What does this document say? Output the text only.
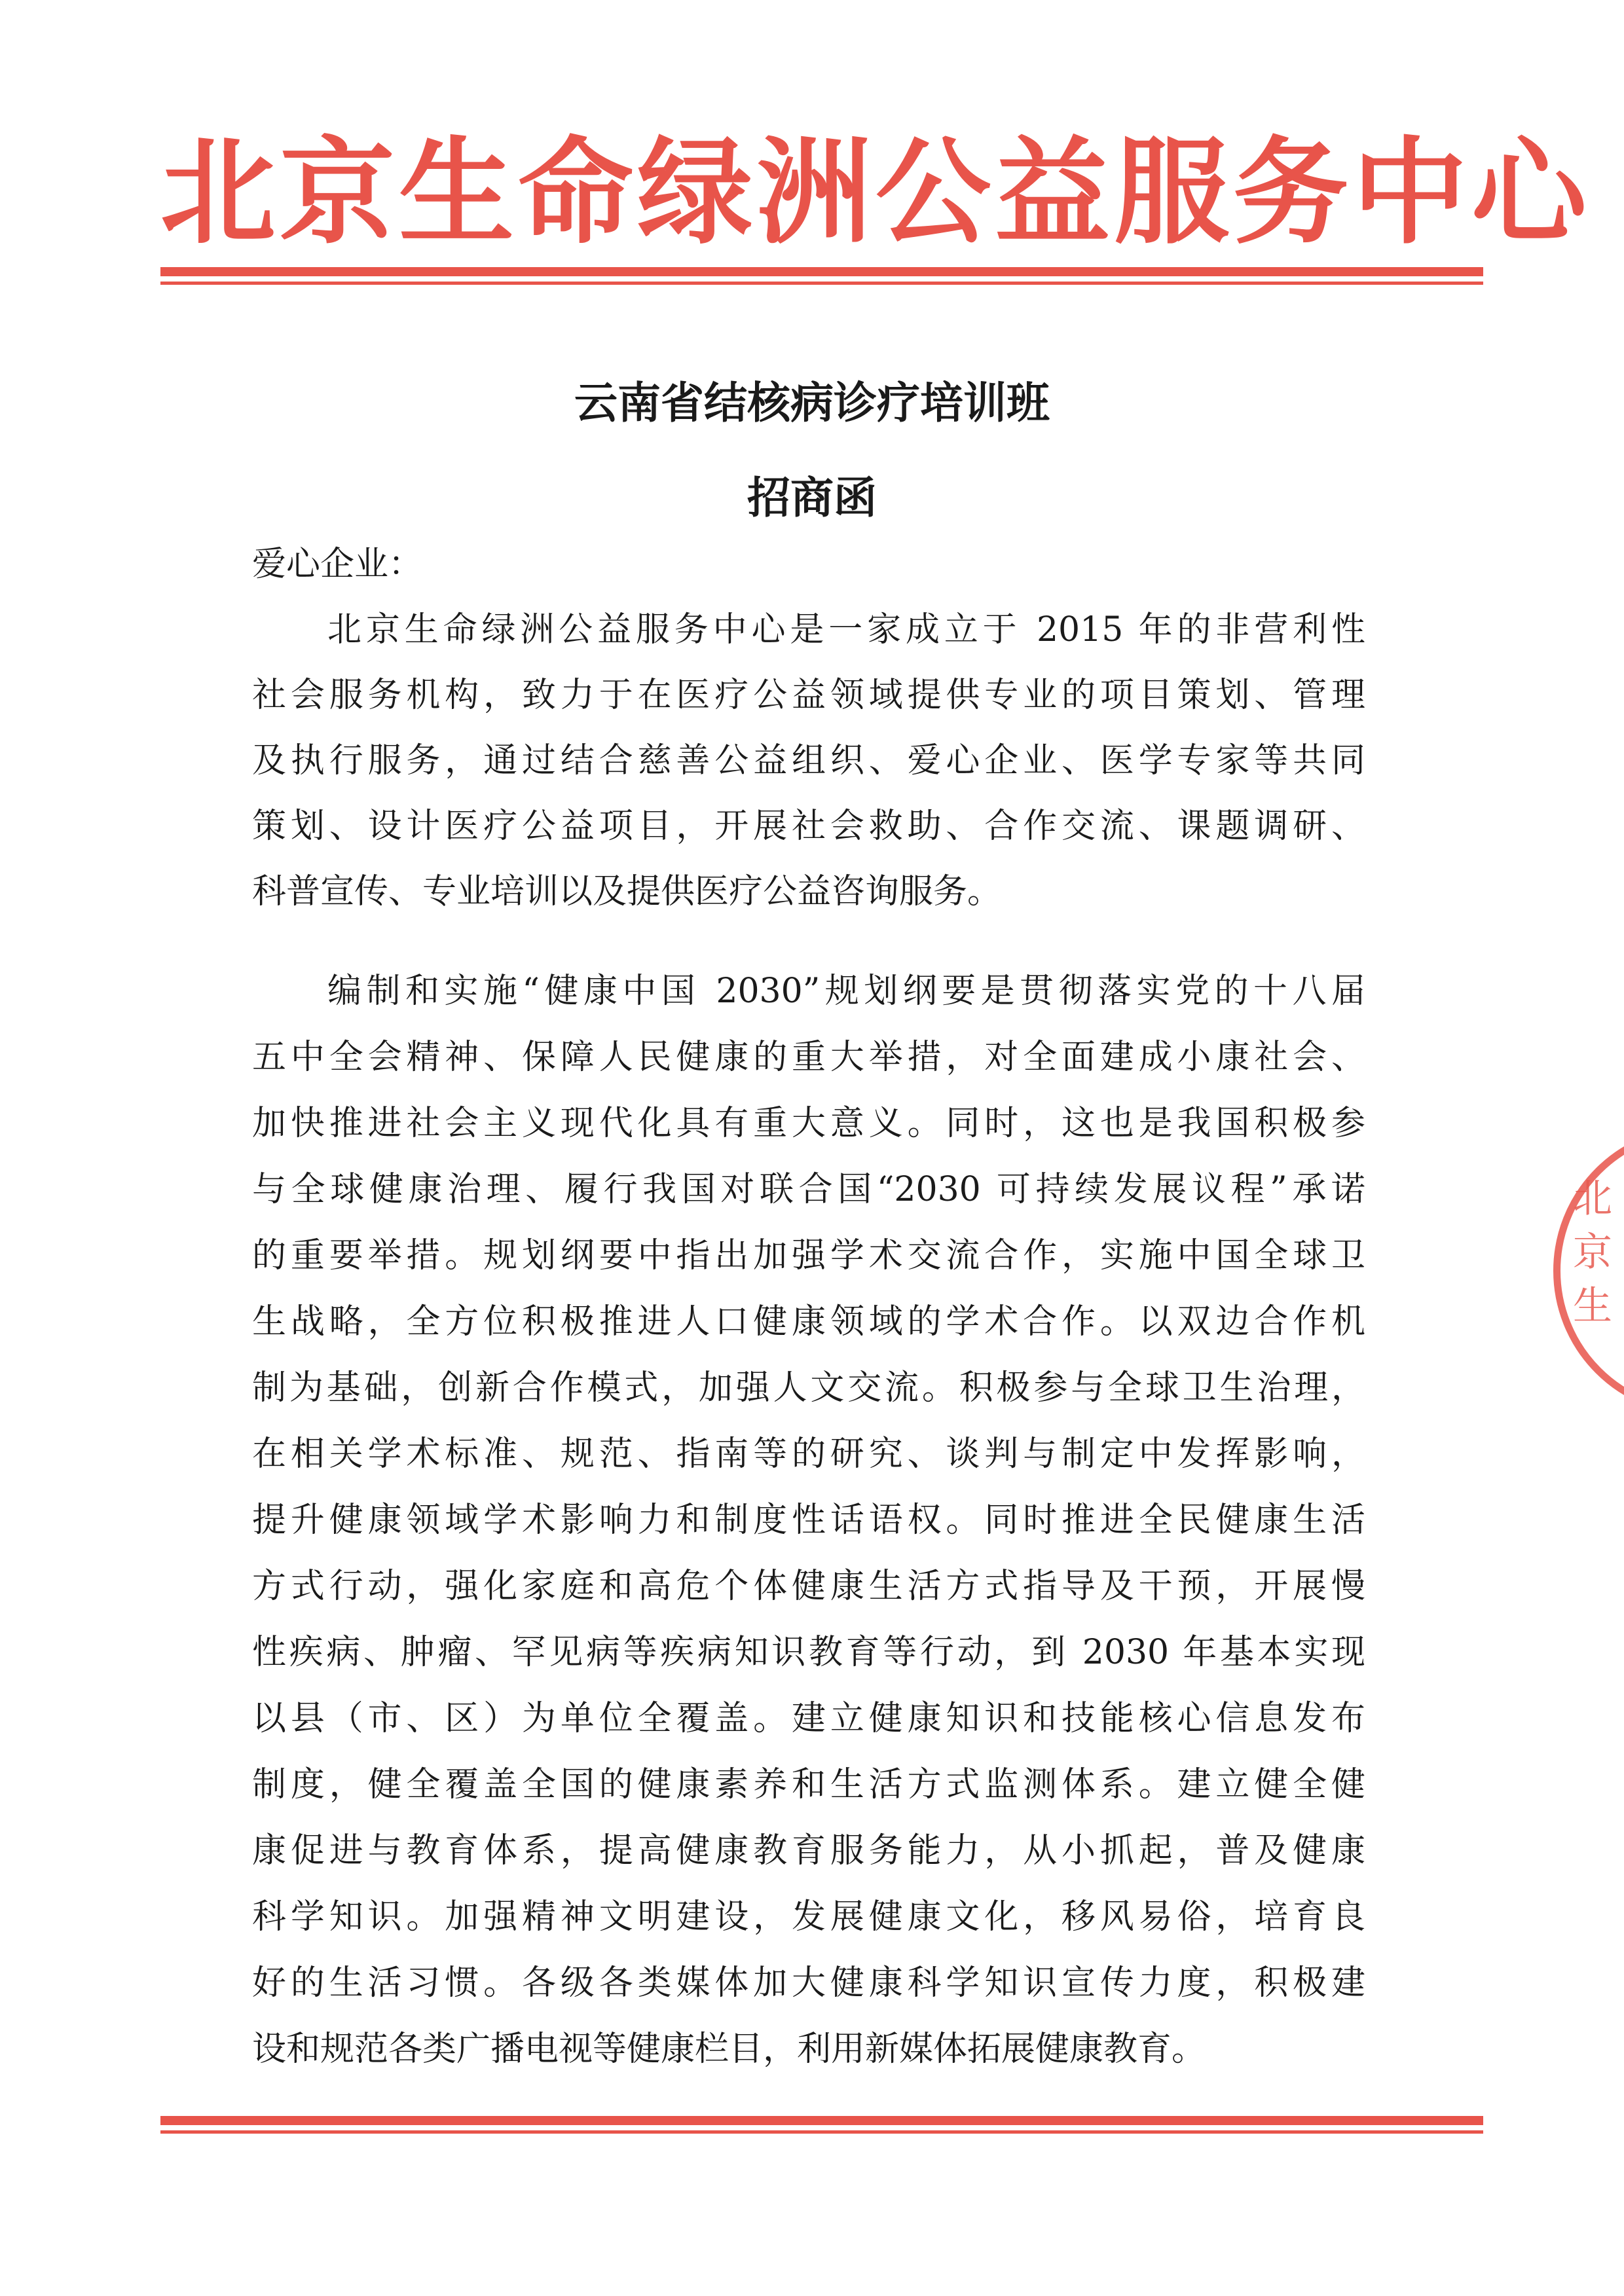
北京生命绿洲公益服务中心
云南省结核病诊疗培训班
招商函
爱心企业：
北京生命绿洲公益服务中心是一家成立于 2015 年的非营利性
社会服务机构，致力于在医疗公益领域提供专业的项目策划、管理
及执行服务，通过结合慈善公益组织、爱心企业、医学专家等共同
策划、设计医疗公益项目，开展社会救助、合作交流、课题调研、
科普宣传、专业培训以及提供医疗公益咨询服务。
编制和实施“健康中国 2030”规划纲要是贯彻落实党的十八届
五中全会精神、保障人民健康的重大举措，对全面建成小康社会、
加快推进社会主义现代化具有重大意义。同时，这也是我国积极参
与全球健康治理、履行我国对联合国“2030 可持续发展议程”承诺
的重要举措。规划纲要中指出加强学术交流合作，实施中国全球卫
生战略，全方位积极推进人口健康领域的学术合作。以双边合作机
制为基础，创新合作模式，加强人文交流。积极参与全球卫生治理，
在相关学术标准、规范、指南等的研究、谈判与制定中发挥影响，
提升健康领域学术影响力和制度性话语权。同时推进全民健康生活
方式行动，强化家庭和高危个体健康生活方式指导及干预，开展慢
性疾病、肿瘤、罕见病等疾病知识教育等行动，到 2030 年基本实现
以县（市、区）为单位全覆盖。建立健康知识和技能核心信息发布
制度，健全覆盖全国的健康素养和生活方式监测体系。建立健全健
康促进与教育体系，提高健康教育服务能力，从小抓起，普及健康
科学知识。加强精神文明建设，发展健康文化，移风易俗，培育良
好的生活习惯。各级各类媒体加大健康科学知识宣传力度，积极建
设和规范各类广播电视等健康栏目，利用新媒体拓展健康教育。
北
京
生
